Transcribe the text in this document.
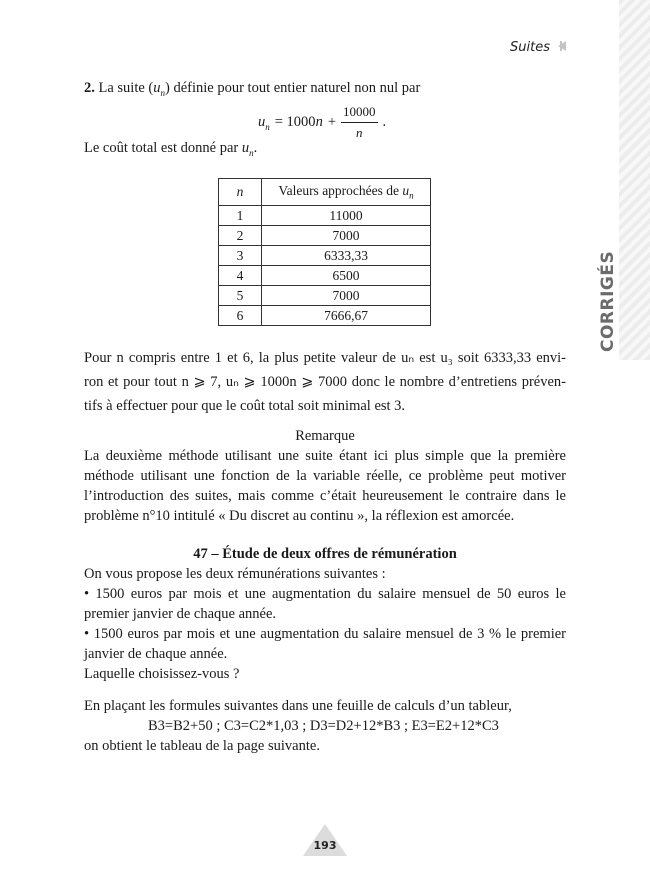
CORRIGÉS
Suites
2. La suite $(u_n)$ définie pour tout entier naturel non nul par
$u_n = 1000$ $n + \frac{10000}{n}$ .
Le coût total est donné par $u_n$.
n	Valeurs approchées de $u_n$
1	11000
2	7000
3	6333,33
4	6500
5	7000
6	7666,67
Pour n compris entre 1 et 6, la plus petite valeur de uₙ est u₃ soit 6333,33 envi-
ron et pour tout n ⩾ 7, uₙ ⩾ 1000n ⩾ 7000 donc le nombre d’entretiens préven-
tifs à effectuer pour que le coût total soit minimal est 3.
Remarque
La deuxième méthode utilisant une suite étant ici plus simple que la première méthode utilisant une fonction de la variable réelle, ce problème peut motiver l’introduction des suites, mais comme c’était heureusement le contraire dans le problème n°10 intitulé « Du discret au continu », la réflexion est amorcée.
47 – Étude de deux offres de rémunération
On vous propose les deux rémunérations suivantes :
• 1500 euros par mois et une augmentation du salaire mensuel de 50 euros le premier janvier de chaque année.
• 1500 euros par mois et une augmentation du salaire mensuel de 3 % le premier janvier de chaque année.
Laquelle choisissez-vous ?
En plaçant les formules suivantes dans une feuille de calculs d’un tableur,
B3=B2+50 ; C3=C2*1,03 ; D3=D2+12*B3 ; E3=E2+12*C3
on obtient le tableau de la page suivante.
193
